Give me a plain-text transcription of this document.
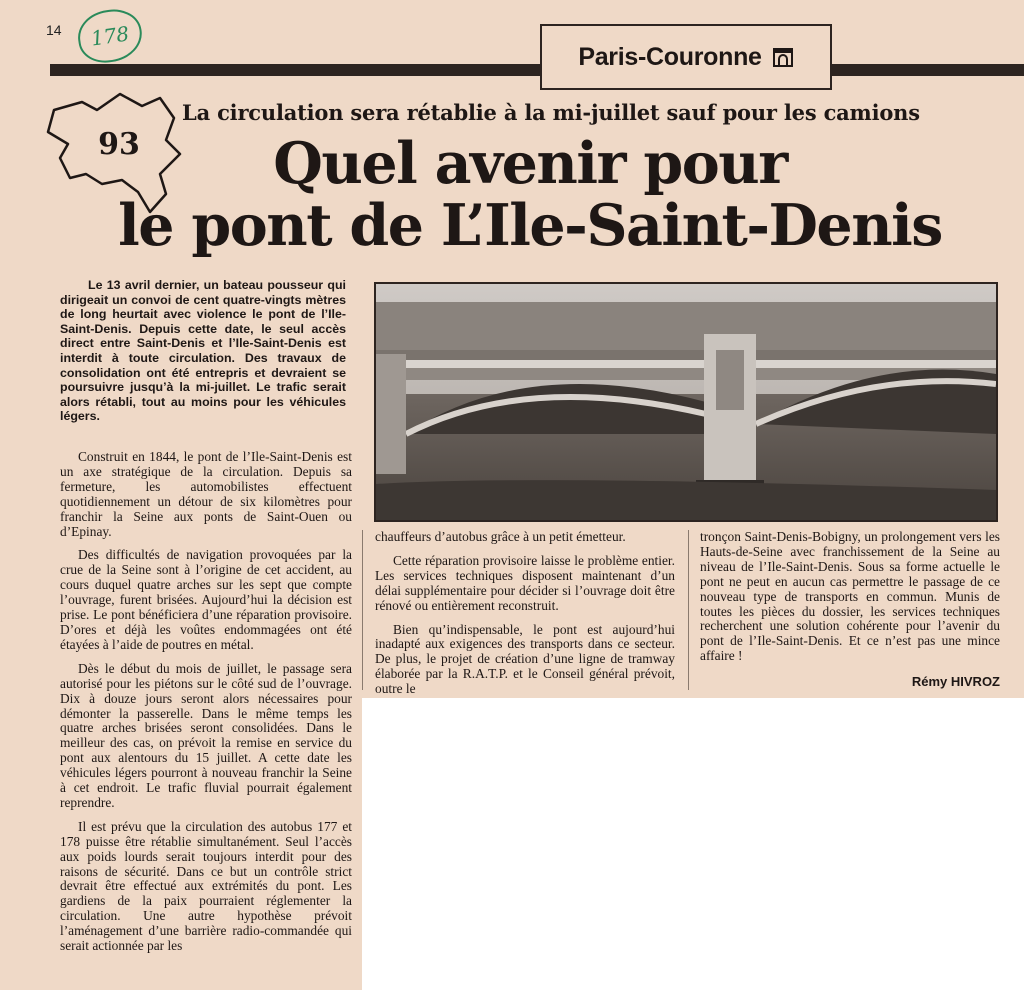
14	178
Paris-Couronne
93
La circulation sera rétablie à la mi-juillet sauf pour les camions
Quel avenir pour
le pont de L’Ile-Saint-Denis

Le 13 avril dernier, un bateau pousseur qui dirigeait un convoi de cent quatre-vingts mètres de long heurtait avec violence le pont de l’Ile-Saint-Denis. Depuis cette date, le seul accès direct entre Saint-Denis et l’Ile-Saint-Denis est interdit à toute circulation. Des travaux de consolidation ont été entrepris et devraient se poursuivre jusqu’à la mi-juillet. Le trafic serait alors rétabli, tout au moins pour les véhicules légers.

Construit en 1844, le pont de l’Ile-Saint-Denis est un axe stratégique de la circulation. Depuis sa fermeture, les automobilistes effectuent quotidiennement un détour de six kilomètres pour franchir la Seine aux ponts de Saint-Ouen ou d’Epinay.

Des difficultés de navigation provoquées par la crue de la Seine sont à l’origine de cet accident, au cours duquel quatre arches sur les sept que compte l’ouvrage, furent brisées. Aujourd’hui la décision est prise. Le pont bénéficiera d’une réparation provisoire. D’ores et déjà les voûtes endommagées ont été étayées à l’aide de poutres en métal.

Dès le début du mois de juillet, le passage sera autorisé pour les piétons sur le côté sud de l’ouvrage. Dix à douze jours seront alors nécessaires pour démonter la passerelle. Dans le même temps les quatre arches brisées seront consolidées. Dans le meilleur des cas, on prévoit la remise en service du pont aux alentours du 15 juillet. A cette date les véhicules légers pourront à nouveau franchir la Seine à cet endroit. Le trafic fluvial pourrait également reprendre.

Il est prévu que la circulation des autobus 177 et 178 puisse être rétablie simultanément. Seul l’accès aux poids lourds serait toujours interdit pour des raisons de sécurité. Dans ce but un contrôle strict devrait être effectué aux extrémités du pont. Les gardiens de la paix pourraient réglementer la circulation. Une autre hypothèse prévoit l’aménagement d’une barrière radio-commandée qui serait actionnée par les

chauffeurs d’autobus grâce à un petit émetteur.

Cette réparation provisoire laisse le problème entier. Les services techniques disposent maintenant d’un délai supplémentaire pour décider si l’ouvrage doit être rénové ou entièrement reconstruit.

Bien qu’indispensable, le pont est aujourd’hui inadapté aux exigences des transports dans ce secteur. De plus, le projet de création d’une ligne de tramway élaborée par la R.A.T.P. et le Conseil général prévoit, outre le

tronçon Saint-Denis-Bobigny, un prolongement vers les Hauts-de-Seine avec franchissement de la Seine au niveau de l’Ile-Saint-Denis. Sous sa forme actuelle le pont ne peut en aucun cas permettre le passage de ce nouveau type de transports en commun. Munis de toutes les pièces du dossier, les services techniques recherchent une solution cohérente pour l’avenir du pont de l’Ile-Saint-Denis. Et ce n’est pas une mince affaire !

Rémy HIVROZ
